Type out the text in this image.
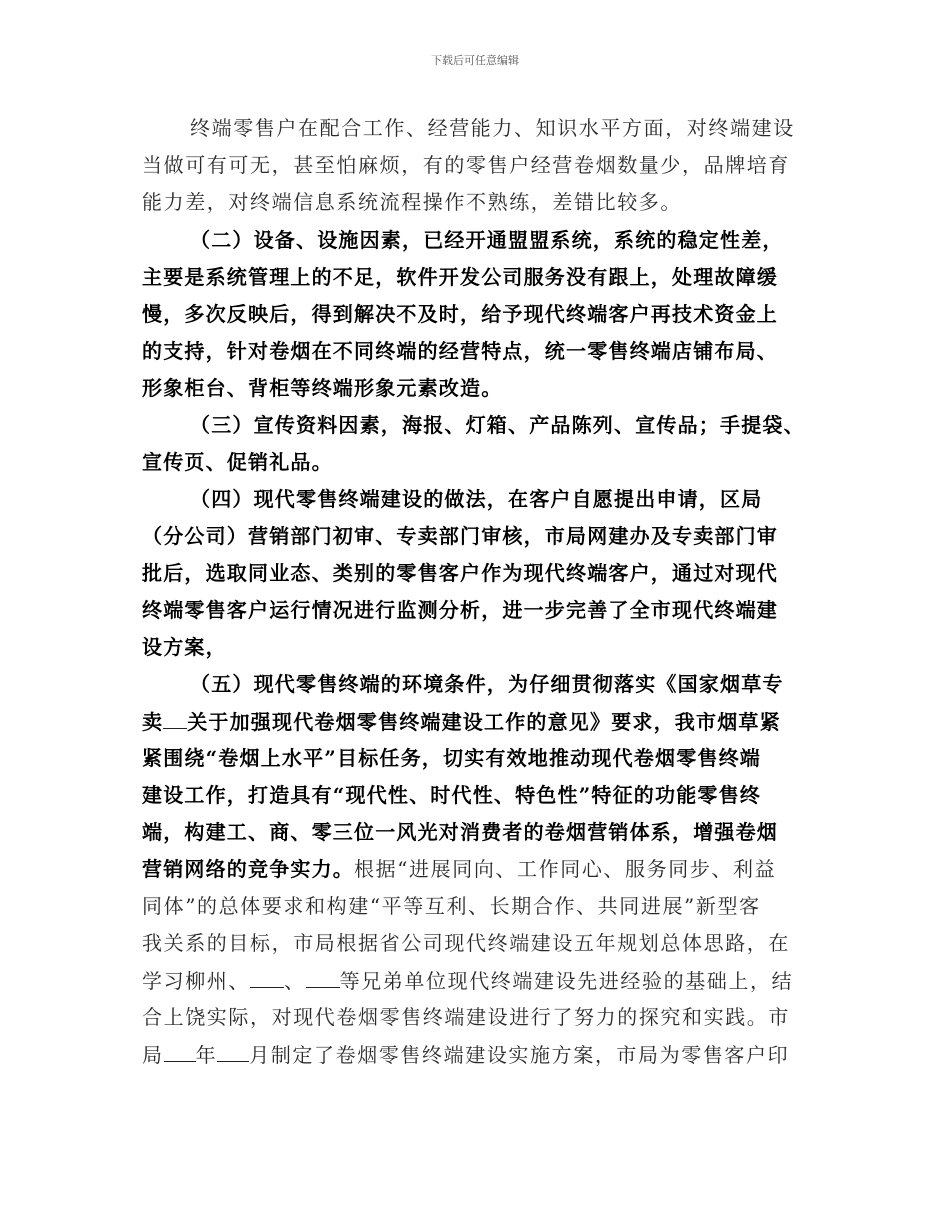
下载后可任意编辑
终端零售户在配合工作、经营能力、知识水平方面，对终端建设
当做可有可无，甚至怕麻烦，有的零售户经营卷烟数量少，品牌培育
能力差，对终端信息系统流程操作不熟练，差错比较多。
（二）设备、设施因素，已经开通盟盟系统，系统的稳定性差，
主要是系统管理上的不足，软件开发公司服务没有跟上，处理故障缓
慢，多次反映后，得到解决不及时，给予现代终端客户再技术资金上
的支持，针对卷烟在不同终端的经营特点，统一零售终端店铺布局、
形象柜台、背柜等终端形象元素改造。
（三）宣传资料因素，海报、灯箱、产品陈列、宣传品；手提袋、
宣传页、促销礼品。
（四）现代零售终端建设的做法，在客户自愿提出申请，区局
（分公司）营销部门初审、专卖部门审核，市局网建办及专卖部门审
批后，选取同业态、类别的零售客户作为现代终端客户，通过对现代
终端零售客户运行情况进行监测分析，进一步完善了全市现代终端建
设方案，
（五）现代零售终端的环境条件，为仔细贯彻落实《国家烟草专
卖 关于加强现代卷烟零售终端建设工作的意见》要求，我市烟草紧
紧围绕“卷烟上水平”目标任务，切实有效地推动现代卷烟零售终端
建设工作，打造具有“现代性、时代性、特色性”特征的功能零售终
端，构建工、商、零三位一风光对消费者的卷烟营销体系，增强卷烟
营销网络的竞争实力。根据“进展同向、工作同心、服务同步、利益
同体”的总体要求和构建“平等互利、长期合作、共同进展”新型客
我关系的目标，市局根据省公司现代终端建设五年规划总体思路，在
学习柳州、 、 等兄弟单位现代终端建设先进经验的基础上，结
合上饶实际，对现代卷烟零售终端建设进行了努力的探究和实践。市
局 年 月制定了卷烟零售终端建设实施方案，市局为零售客户印
